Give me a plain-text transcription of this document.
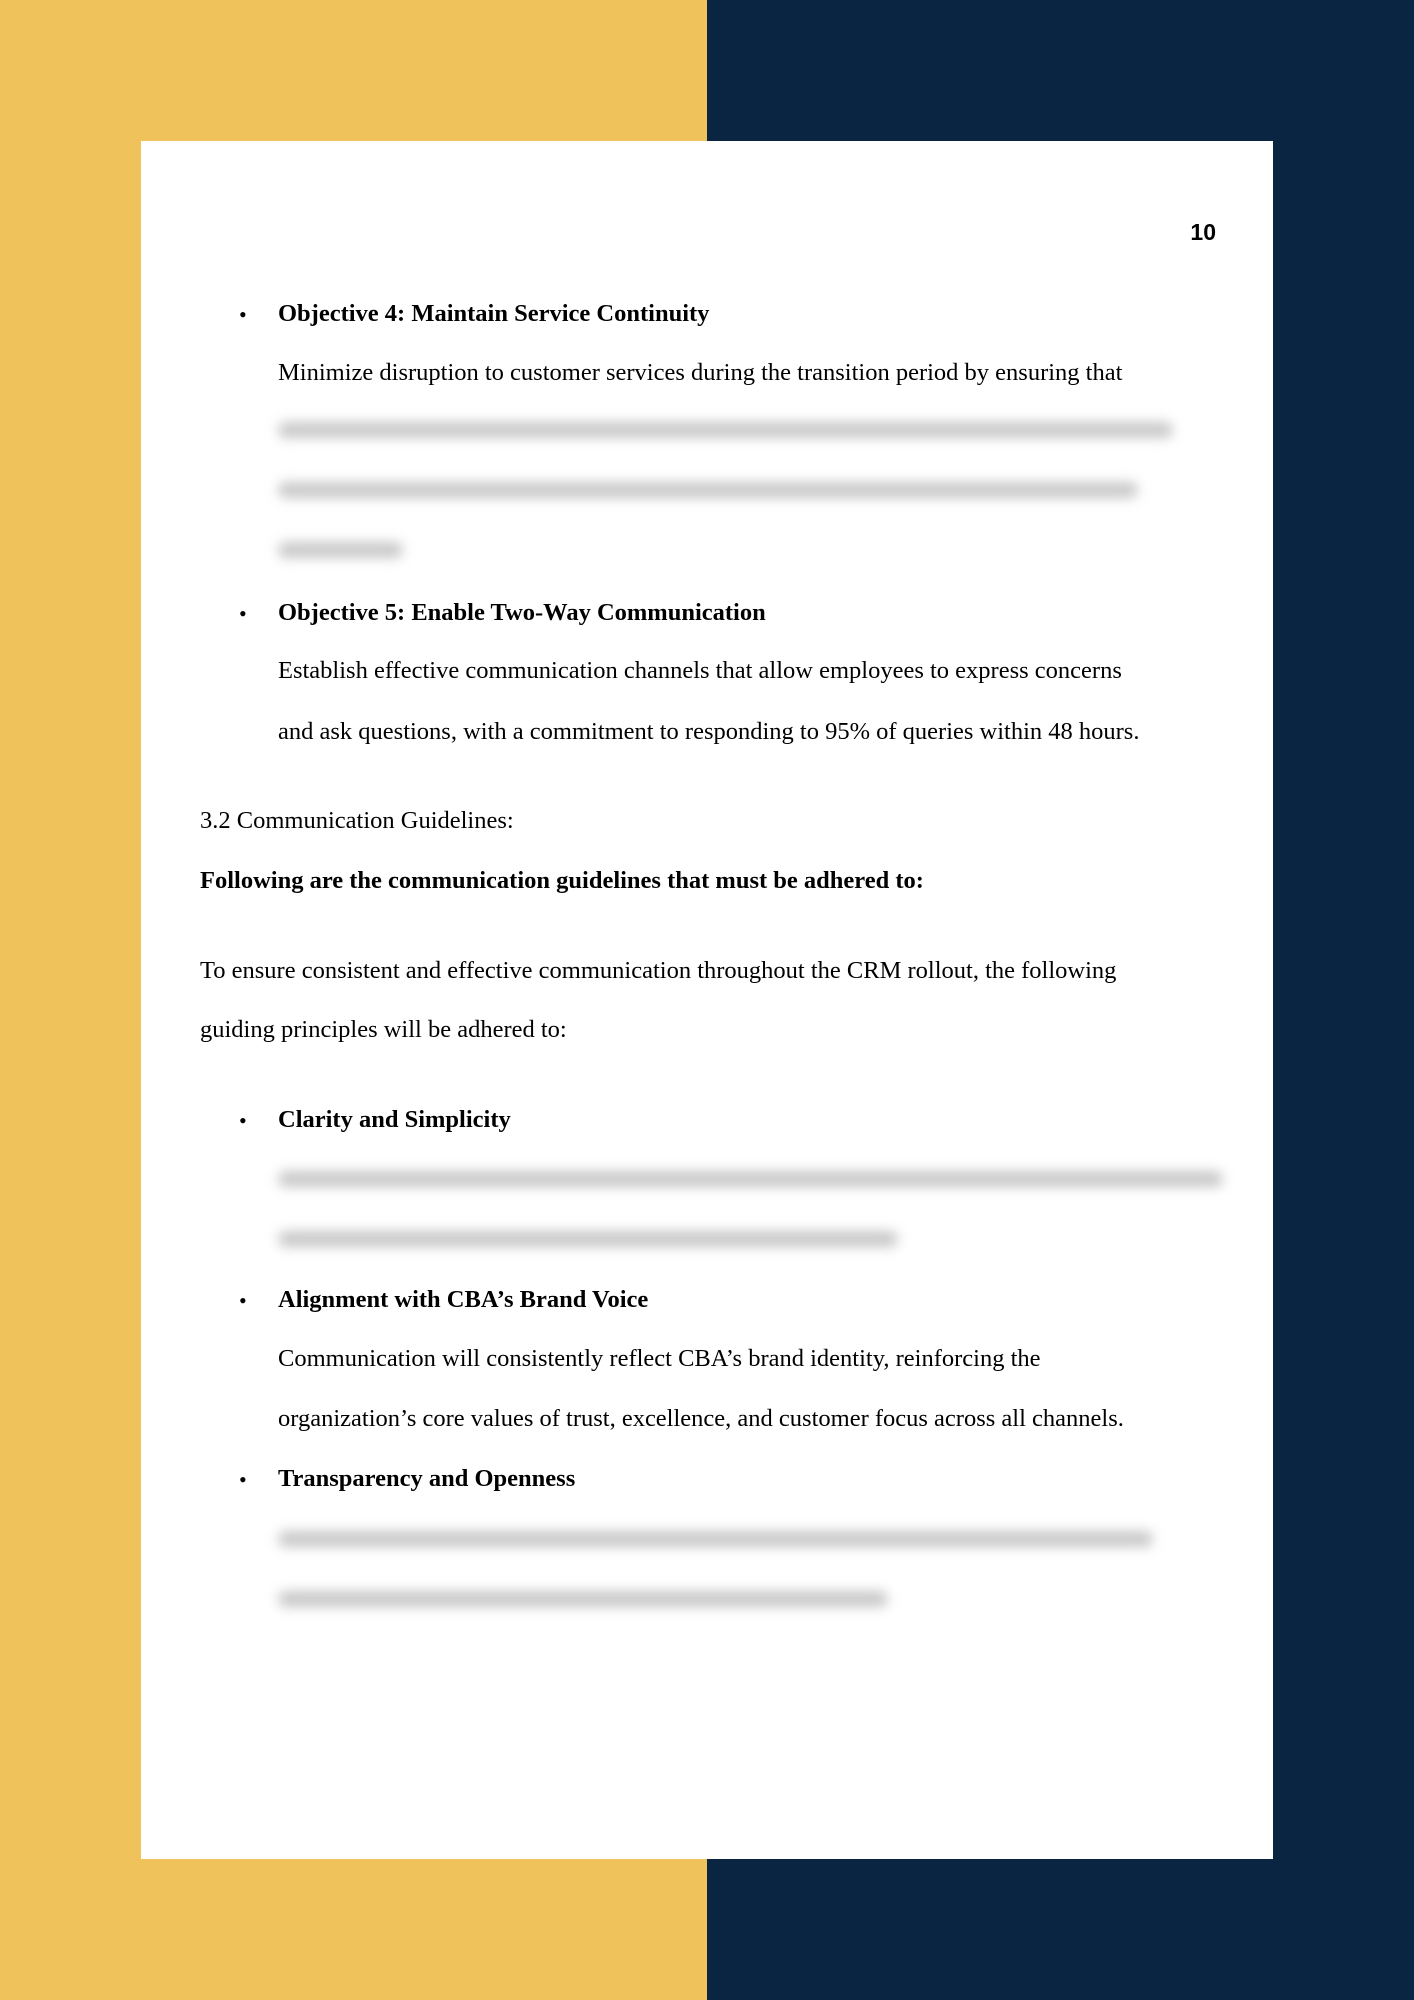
10
• Objective 4: Maintain Service Continuity
Minimize disruption to customer services during the transition period by ensuring that
• Objective 5: Enable Two-Way Communication
Establish effective communication channels that allow employees to express concerns
and ask questions, with a commitment to responding to 95% of queries within 48 hours.
3.2 Communication Guidelines:
Following are the communication guidelines that must be adhered to:
To ensure consistent and effective communication throughout the CRM rollout, the following
guiding principles will be adhered to:
• Clarity and Simplicity
• Alignment with CBA’s Brand Voice
Communication will consistently reflect CBA’s brand identity, reinforcing the
organization’s core values of trust, excellence, and customer focus across all channels.
• Transparency and Openness
